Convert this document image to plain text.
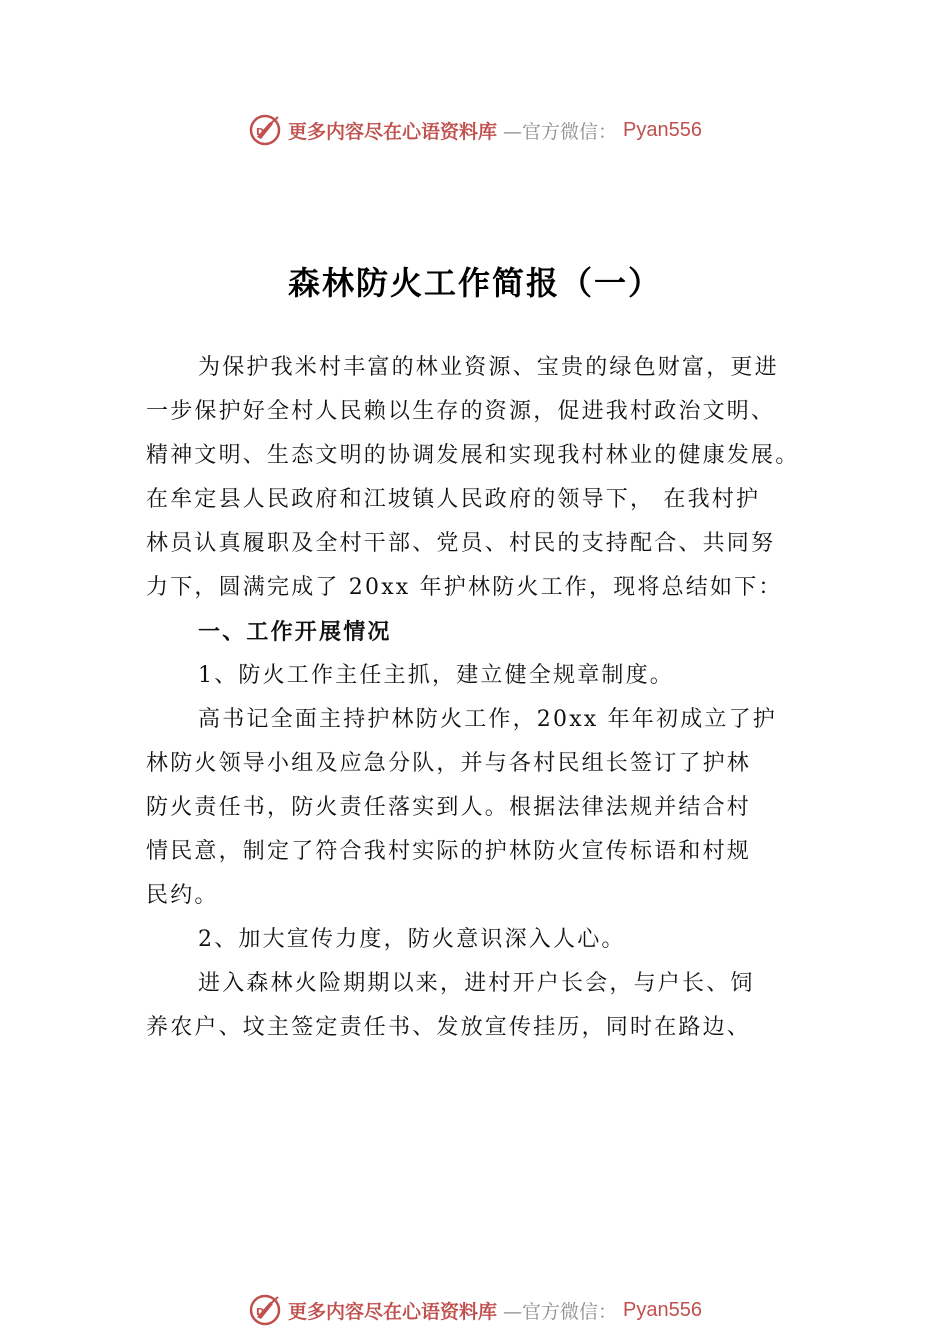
D 更多内容尽在心语资料库 —官方微信： Pyan556
森林防火工作简报（一）
为保护我米村丰富的林业资源、宝贵的绿色财富，更进
一步保护好全村人民赖以生存的资源，促进我村政治文明、
精神文明、生态文明的协调发展和实现我村林业的健康发展。
在牟定县人民政府和江坡镇人民政府的领导下， 在我村护
林员认真履职及全村干部、党员、村民的支持配合、共同努
力下，圆满完成了 20xx 年护林防火工作，现将总结如下：
一、工作开展情况
1、防火工作主任主抓，建立健全规章制度。
高书记全面主持护林防火工作，20xx 年年初成立了护
林防火领导小组及应急分队，并与各村民组长签订了护林
防火责任书，防火责任落实到人。根据法律法规并结合村
情民意，制定了符合我村实际的护林防火宣传标语和村规
民约。
2、加大宣传力度，防火意识深入人心。
进入森林火险期期以来，进村开户长会，与户长、饲
养农户、坟主签定责任书、发放宣传挂历，同时在路边、
D 更多内容尽在心语资料库 —官方微信： Pyan556
